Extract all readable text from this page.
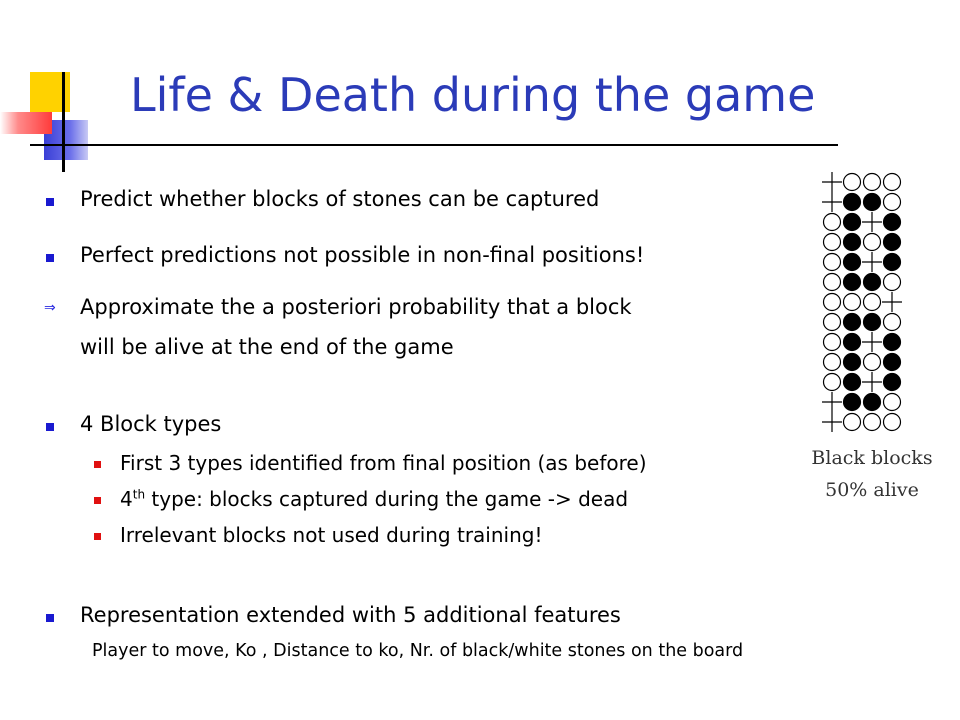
Life & Death during the game
Predict whether blocks of stones can be captured
Perfect predictions not possible in non-final positions!
⇒ Approximate the a posteriori probability that a block
will be alive at the end of the game
4 Block types
First 3 types identified from final position (as before)
4th type: blocks captured during the game -> dead
Irrelevant blocks not used during training!
Representation extended with 5 additional features
Player to move, Ko , Distance to ko, Nr. of black/white stones on the board
Black blocks
50% alive
